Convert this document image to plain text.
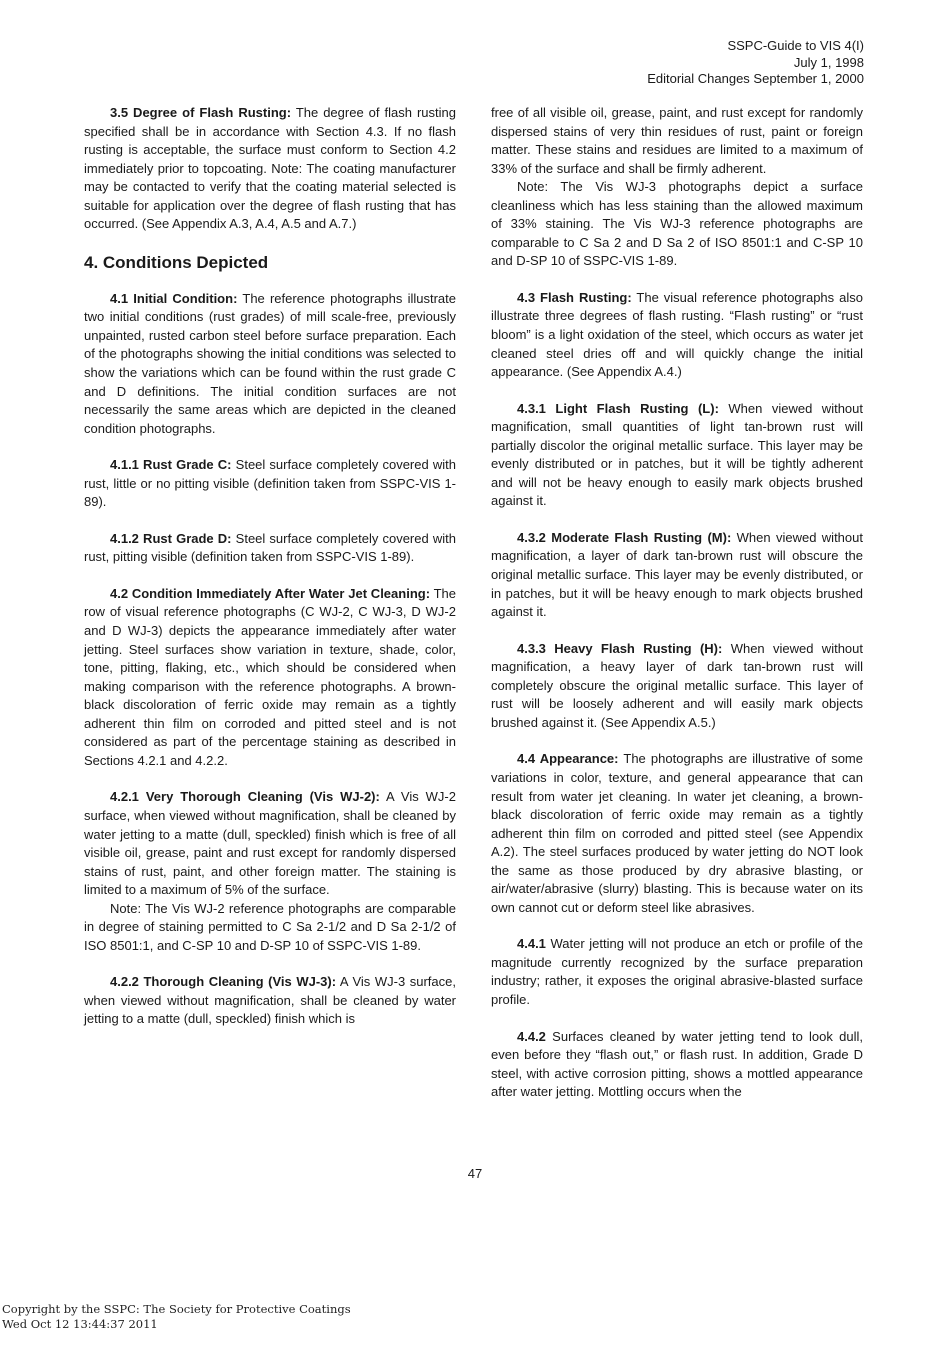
SSPC-Guide to VIS 4(I)
July 1, 1998
Editorial Changes September 1, 2000

3.5 Degree of Flash Rusting: The degree of flash rusting specified shall be in accordance with Section 4.3. If no flash rusting is acceptable, the surface must conform to Section 4.2 immediately prior to topcoating. Note: The coating manufacturer may be contacted to verify that the coating material selected is suitable for application over the degree of flash rusting that has occurred. (See Appendix A.3, A.4, A.5 and A.7.)

4. Conditions Depicted

4.1 Initial Condition: The reference photographs illustrate two initial conditions (rust grades) of mill scale-free, previously unpainted, rusted carbon steel before surface preparation. Each of the photographs showing the initial conditions was selected to show the variations which can be found within the rust grade C and D definitions. The initial condition surfaces are not necessarily the same areas which are depicted in the cleaned condition photographs.

4.1.1 Rust Grade C: Steel surface completely covered with rust, little or no pitting visible (definition taken from SSPC-VIS 1-89).

4.1.2 Rust Grade D: Steel surface completely covered with rust, pitting visible (definition taken from SSPC-VIS 1-89).

4.2 Condition Immediately After Water Jet Cleaning: The row of visual reference photographs (C WJ-2, C WJ-3, D WJ-2 and D WJ-3) depicts the appearance immediately after water jetting. Steel surfaces show variation in texture, shade, color, tone, pitting, flaking, etc., which should be considered when making comparison with the reference photographs. A brown-black discoloration of ferric oxide may remain as a tightly adherent thin film on corroded and pitted steel and is not considered as part of the percentage staining as described in Sections 4.2.1 and 4.2.2.

4.2.1 Very Thorough Cleaning (Vis WJ-2): A Vis WJ-2 surface, when viewed without magnification, shall be cleaned by water jetting to a matte (dull, speckled) finish which is free of all visible oil, grease, paint and rust except for randomly dispersed stains of rust, paint, and other foreign matter. The staining is limited to a maximum of 5% of the surface.

Note: The Vis WJ-2 reference photographs are comparable in degree of staining permitted to C Sa 2-1/2 and D Sa 2-1/2 of ISO 8501:1, and C-SP 10 and D-SP 10 of SSPC-VIS 1-89.

4.2.2 Thorough Cleaning (Vis WJ-3): A Vis WJ-3 surface, when viewed without magnification, shall be cleaned by water jetting to a matte (dull, speckled) finish which is

free of all visible oil, grease, paint, and rust except for randomly dispersed stains of very thin residues of rust, paint or foreign matter. These stains and residues are limited to a maximum of 33% of the surface and shall be firmly adherent.

Note: The Vis WJ-3 photographs depict a surface cleanliness which has less staining than the allowed maximum of 33% staining. The Vis WJ-3 reference photographs are comparable to C Sa 2 and D Sa 2 of ISO 8501:1 and C-SP 10 and D-SP 10 of SSPC-VIS 1-89.

4.3 Flash Rusting: The visual reference photographs also illustrate three degrees of flash rusting. “Flash rusting” or “rust bloom” is a light oxidation of the steel, which occurs as water jet cleaned steel dries off and will quickly change the initial appearance. (See Appendix A.4.)

4.3.1 Light Flash Rusting (L): When viewed without magnification, small quantities of light tan-brown rust will partially discolor the original metallic surface. This layer may be evenly distributed or in patches, but it will be tightly adherent and will not be heavy enough to easily mark objects brushed against it.

4.3.2 Moderate Flash Rusting (M): When viewed without magnification, a layer of dark tan-brown rust will obscure the original metallic surface. This layer may be evenly distributed, or in patches, but it will be heavy enough to mark objects brushed against it.

4.3.3 Heavy Flash Rusting (H): When viewed without magnification, a heavy layer of dark tan-brown rust will completely obscure the original metallic surface. This layer of rust will be loosely adherent and will easily mark objects brushed against it. (See Appendix A.5.)

4.4 Appearance: The photographs are illustrative of some variations in color, texture, and general appearance that can result from water jet cleaning. In water jet cleaning, a brown-black discoloration of ferric oxide may remain as a tightly adherent thin film on corroded and pitted steel (see Appendix A.2). The steel surfaces produced by water jetting do NOT look the same as those produced by dry abrasive blasting, or air/water/abrasive (slurry) blasting. This is because water on its own cannot cut or deform steel like abrasives.

4.4.1 Water jetting will not produce an etch or profile of the magnitude currently recognized by the surface preparation industry; rather, it exposes the original abrasive-blasted surface profile.

4.4.2 Surfaces cleaned by water jetting tend to look dull, even before they “flash out,” or flash rust. In addition, Grade D steel, with active corrosion pitting, shows a mottled appearance after water jetting. Mottling occurs when the

47
Copyright by the SSPC: The Society for Protective Coatings
Wed Oct 12 13:44:37 2011
